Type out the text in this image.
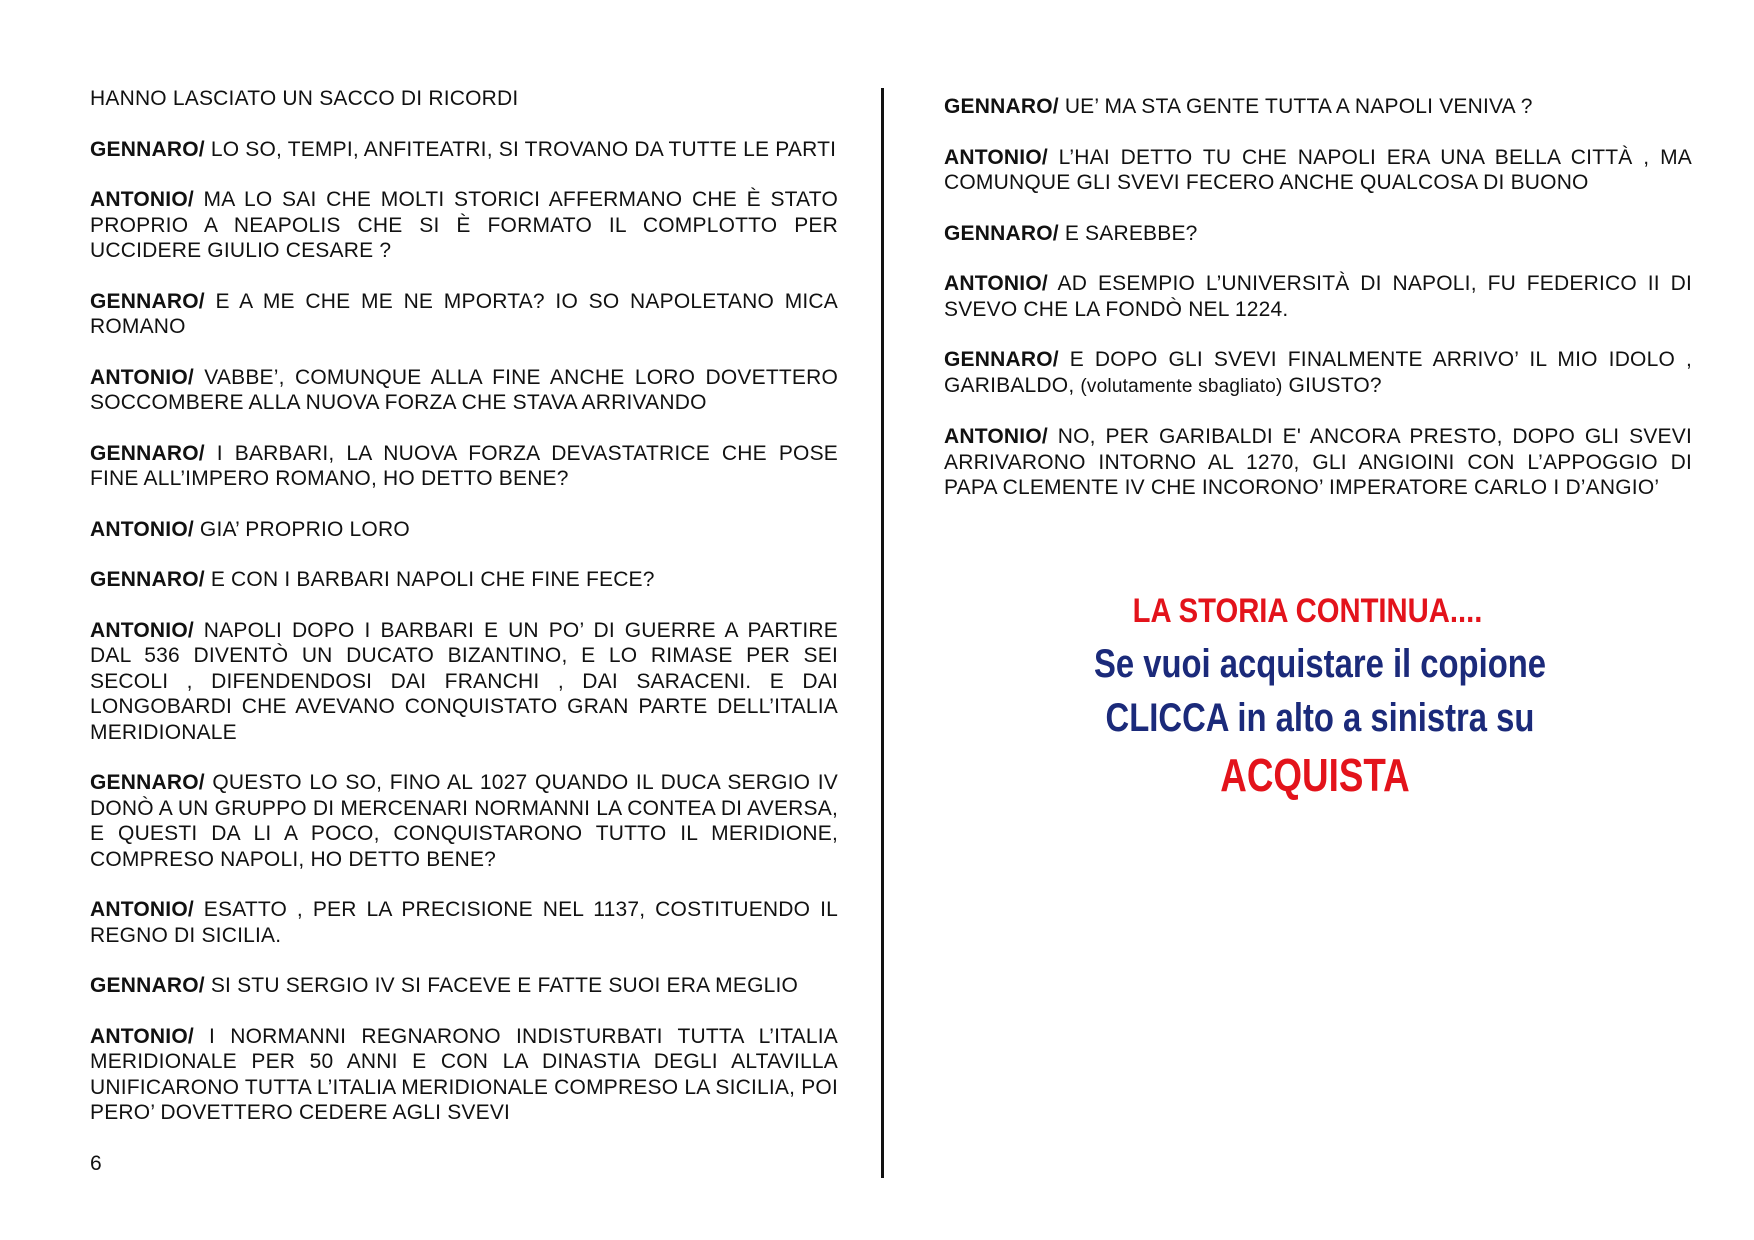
HANNO LASCIATO UN SACCO DI RICORDI

GENNARO/ LO SO, TEMPI, ANFITEATRI, SI TROVANO DA TUTTE LE PARTI

ANTONIO/ MA LO SAI CHE MOLTI STORICI AFFERMANO CHE È STATO PROPRIO A NEAPOLIS CHE SI È FORMATO IL COMPLOTTO PER UCCIDERE GIULIO CESARE ?

GENNARO/ E A ME CHE ME NE MPORTA? IO SO NAPOLETANO MICA ROMANO

ANTONIO/ VABBE’, COMUNQUE ALLA FINE ANCHE LORO DOVETTERO SOCCOMBERE ALLA NUOVA FORZA CHE STAVA ARRIVANDO

GENNARO/ I BARBARI, LA NUOVA FORZA DEVASTATRICE CHE POSE FINE ALL’IMPERO ROMANO, HO DETTO BENE?

ANTONIO/ GIA’ PROPRIO LORO

GENNARO/ E CON I BARBARI NAPOLI CHE FINE FECE?

ANTONIO/ NAPOLI DOPO I BARBARI E UN PO’ DI GUERRE A PARTIRE DAL 536 DIVENTÒ UN DUCATO BIZANTINO, E LO RIMASE PER SEI SECOLI , DIFENDENDOSI DAI FRANCHI , DAI SARACENI. E DAI LONGOBARDI CHE AVEVANO CONQUISTATO GRAN PARTE DELL’ITALIA MERIDIONALE

GENNARO/ QUESTO LO SO, FINO AL 1027 QUANDO IL DUCA SERGIO IV DONÒ A UN GRUPPO DI MERCENARI NORMANNI LA CONTEA DI AVERSA, E QUESTI DA LI A POCO, CONQUISTARONO TUTTO IL MERIDIONE, COMPRESO NAPOLI, HO DETTO BENE?

ANTONIO/ ESATTO , PER LA PRECISIONE NEL 1137, COSTITUENDO IL REGNO DI SICILIA.

GENNARO/ SI STU SERGIO IV SI FACEVE E FATTE SUOI ERA MEGLIO

ANTONIO/ I NORMANNI REGNARONO INDISTURBATI TUTTA L’ITALIA MERIDIONALE PER 50 ANNI E CON LA DINASTIA DEGLI ALTAVILLA UNIFICARONO TUTTA L’ITALIA MERIDIONALE COMPRESO LA SICILIA, POI PERO’ DOVETTERO CEDERE AGLI SVEVI

6

GENNARO/ UE’ MA STA GENTE TUTTA A NAPOLI VENIVA ?

ANTONIO/ L’HAI DETTO TU CHE NAPOLI ERA UNA BELLA CITTÀ , MA COMUNQUE GLI SVEVI FECERO ANCHE QUALCOSA DI BUONO

GENNARO/ E SAREBBE?

ANTONIO/ AD ESEMPIO L’UNIVERSITÀ DI NAPOLI, FU FEDERICO II DI SVEVO CHE LA FONDÒ NEL 1224.

GENNARO/ E DOPO GLI SVEVI FINALMENTE ARRIVO’ IL MIO IDOLO , GARIBALDO, (volutamente sbagliato) GIUSTO?

ANTONIO/ NO, PER GARIBALDI E' ANCORA PRESTO, DOPO GLI SVEVI ARRIVARONO INTORNO AL 1270, GLI ANGIOINI CON L’APPOGGIO DI PAPA CLEMENTE IV CHE INCORONO’ IMPERATORE CARLO I D’ANGIO’

LA STORIA CONTINUA....
Se vuoi acquistare il copione
CLICCA in alto a sinistra su
ACQUISTA
